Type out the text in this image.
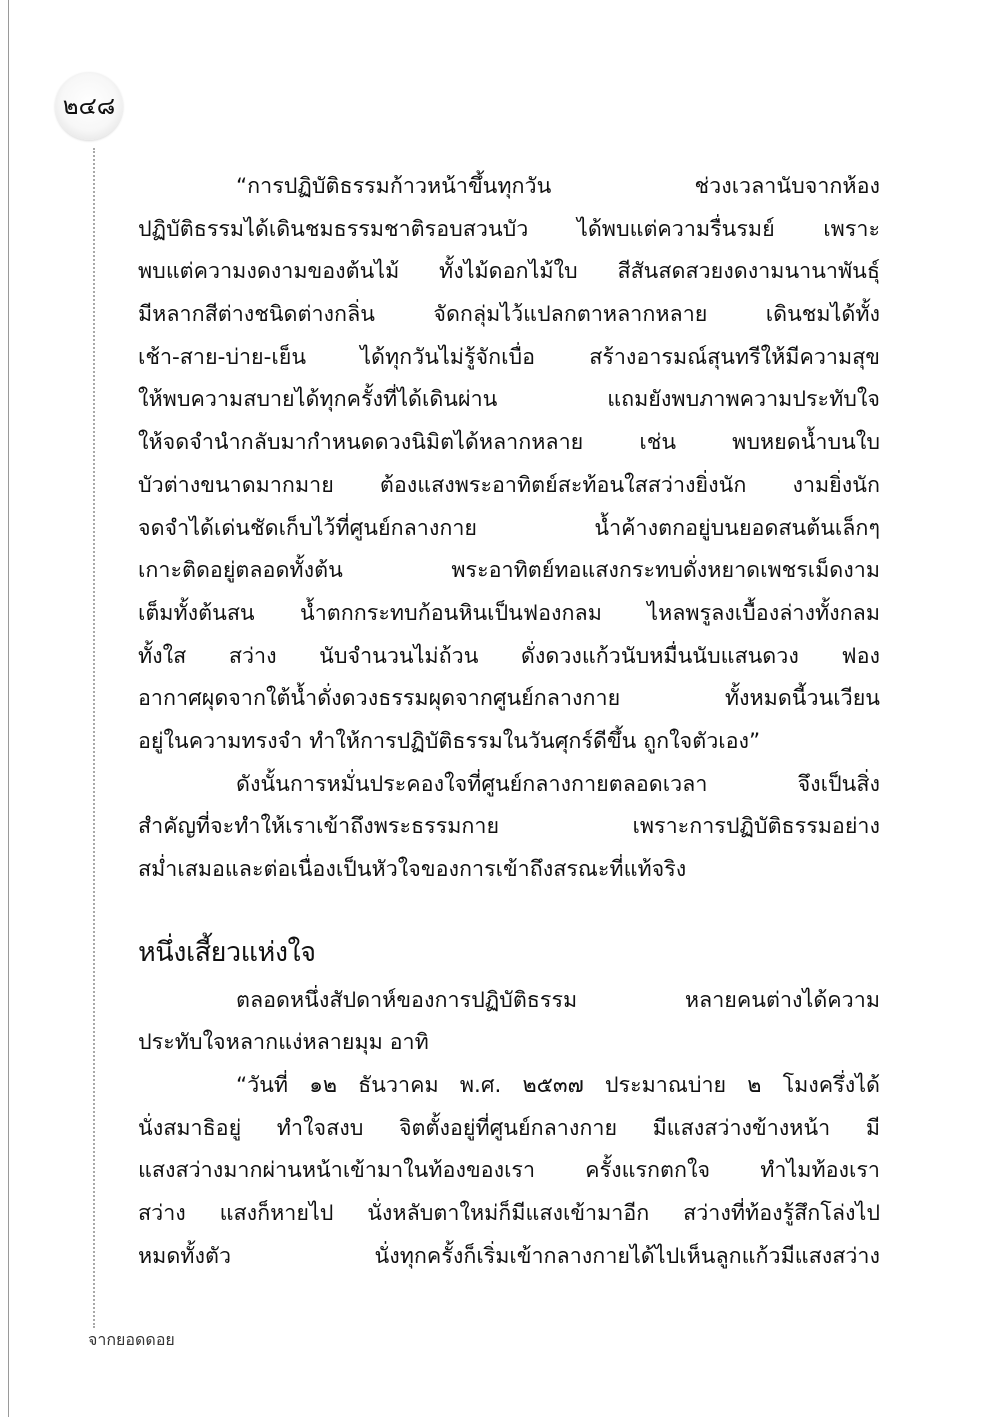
๒๔๘
“การปฏิบัติธรรมก้าวหน้าขึ้นทุกวัน ช่วงเวลานับจากห้อง
ปฏิบัติธรรมได้เดินชมธรรมชาติรอบสวนบัว ได้พบแต่ความรื่นรมย์ เพราะ
พบแต่ความงดงามของต้นไม้ ทั้งไม้ดอกไม้ใบ สีสันสดสวยงดงามนานาพันธุ์
มีหลากสีต่างชนิดต่างกลิ่น จัดกลุ่มไว้แปลกตาหลากหลาย เดินชมได้ทั้ง
เช้า-สาย-บ่าย-เย็น ได้ทุกวันไม่รู้จักเบื่อ สร้างอารมณ์สุนทรีให้มีความสุข
ให้พบความสบายได้ทุกครั้งที่ได้เดินผ่าน แถมยังพบภาพความประทับใจ
ให้จดจำนำกลับมากำหนดดวงนิมิตได้หลากหลาย เช่น พบหยดน้ำบนใบ
บัวต่างขนาดมากมาย ต้องแสงพระอาทิตย์สะท้อนใสสว่างยิ่งนัก งามยิ่งนัก
จดจำได้เด่นชัดเก็บไว้ที่ศูนย์กลางกาย น้ำค้างตกอยู่บนยอดสนต้นเล็กๆ
เกาะติดอยู่ตลอดทั้งต้น พระอาทิตย์ทอแสงกระทบดั่งหยาดเพชรเม็ดงาม
เต็มทั้งต้นสน น้ำตกกระทบก้อนหินเป็นฟองกลม ไหลพรูลงเบื้องล่างทั้งกลม
ทั้งใส สว่าง นับจำนวนไม่ถ้วน ดั่งดวงแก้วนับหมื่นนับแสนดวง ฟอง
อากาศผุดจากใต้น้ำดั่งดวงธรรมผุดจากศูนย์กลางกาย ทั้งหมดนี้วนเวียน
อยู่ในความทรงจำ ทำให้การปฏิบัติธรรมในวันศุกร์ดีขึ้น ถูกใจตัวเอง”
ดังนั้นการหมั่นประคองใจที่ศูนย์กลางกายตลอดเวลา จึงเป็นสิ่ง
สำคัญที่จะทำให้เราเข้าถึงพระธรรมกาย เพราะการปฏิบัติธรรมอย่าง
สม่ำเสมอและต่อเนื่องเป็นหัวใจของการเข้าถึงสรณะที่แท้จริง
หนึ่งเสี้ยวแห่งใจ
ตลอดหนึ่งสัปดาห์ของการปฏิบัติธรรม หลายคนต่างได้ความ
ประทับใจหลากแง่หลายมุม อาทิ
“วันที่ ๑๒ ธันวาคม พ.ศ. ๒๕๓๗ ประมาณบ่าย ๒ โมงครึ่งได้
นั่งสมาธิอยู่ ทำใจสงบ จิตตั้งอยู่ที่ศูนย์กลางกาย มีแสงสว่างข้างหน้า มี
แสงสว่างมากผ่านหน้าเข้ามาในท้องของเรา ครั้งแรกตกใจ ทำไมท้องเรา
สว่าง แสงก็หายไป นั่งหลับตาใหม่ก็มีแสงเข้ามาอีก สว่างที่ท้องรู้สึกโล่งไป
หมดทั้งตัว นั่งทุกครั้งก็เริ่มเข้ากลางกายได้ไปเห็นลูกแก้วมีแสงสว่าง
จากยอดดอย
